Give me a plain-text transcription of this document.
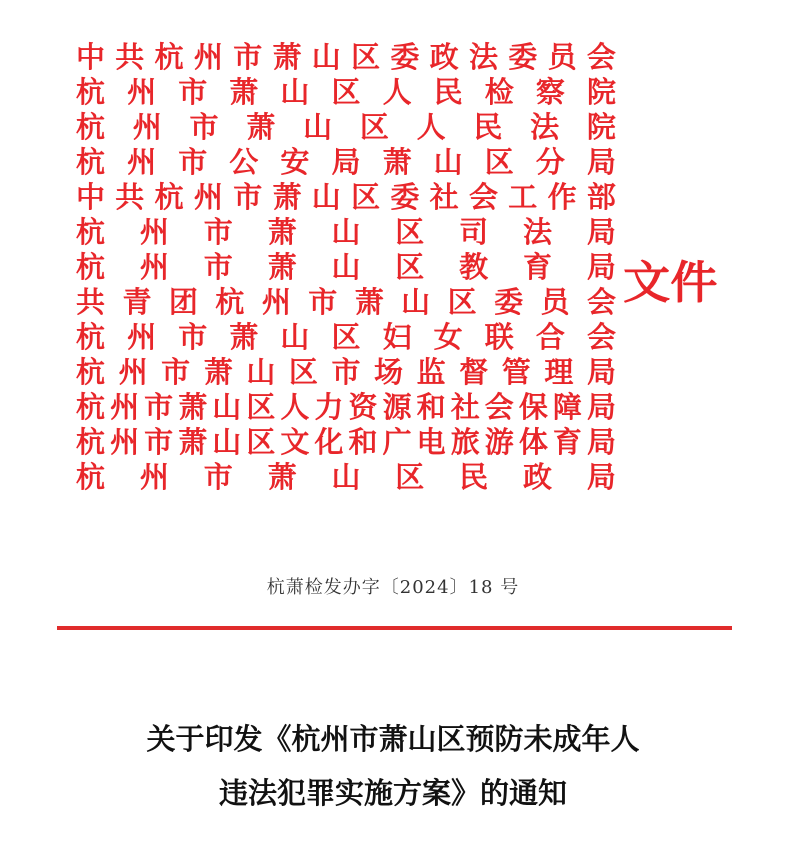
中 共 杭 州 市 萧 山 区 委 政 法 委 员 会
杭 州 市 萧 山 区 人 民 检 察 院
杭 州 市 萧 山 区 人 民 法 院
杭 州 市 公 安 局 萧 山 区 分 局
中 共 杭 州 市 萧 山 区 委 社 会 工 作 部
杭 州 市 萧 山 区 司 法 局
杭 州 市 萧 山 区 教 育 局
共 青 团 杭 州 市 萧 山 区 委 员 会
杭 州 市 萧 山 区 妇 女 联 合 会
杭 州 市 萧 山 区 市 场 监 督 管 理 局
杭 州 市 萧 山 区 人 力 资 源 和 社 会 保 障 局
杭 州 市 萧 山 区 文 化 和 广 电 旅 游 体 育 局
杭 州 市 萧 山 区 民 政 局
文件
杭萧检发办字〔2024〕18 号
关于印发《杭州市萧山区预防未成年人
违法犯罪实施方案》的通知
